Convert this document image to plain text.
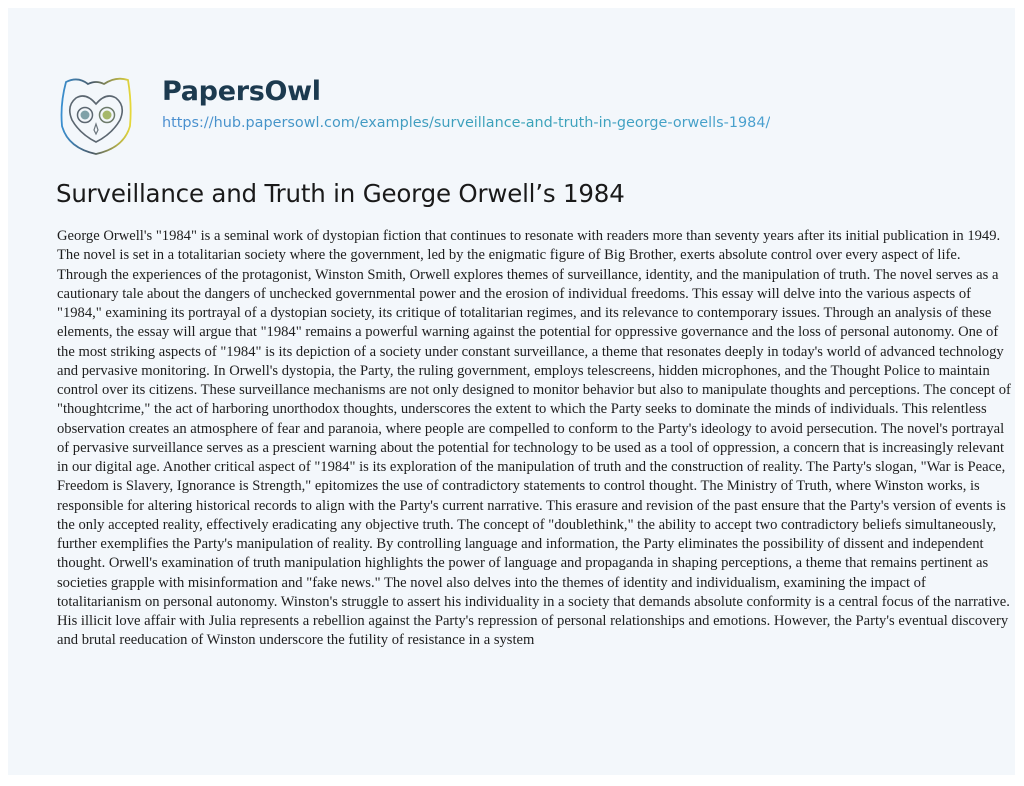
PapersOwl
https://hub.papersowl.com/examples/surveillance-and-truth-in-george-orwells-1984/
Surveillance and Truth in George Orwell’s 1984

George Orwell's "1984" is a seminal work of dystopian fiction that continues to resonate with readers more than seventy years after its initial publication in 1949. The novel is set in a totalitarian society where the government, led by the enigmatic figure of Big Brother, exerts absolute control over every aspect of life. Through the experiences of the protagonist, Winston Smith, Orwell explores themes of surveillance, identity, and the manipulation of truth. The novel serves as a cautionary tale about the dangers of unchecked governmental power and the erosion of individual freedoms. This essay will delve into the various aspects of "1984," examining its portrayal of a dystopian society, its critique of totalitarian regimes, and its relevance to contemporary issues. Through an analysis of these elements, the essay will argue that "1984" remains a powerful warning against the potential for oppressive governance and the loss of personal autonomy. One of the most striking aspects of "1984" is its depiction of a society under constant surveillance, a theme that resonates deeply in today's world of advanced technology and pervasive monitoring. In Orwell's dystopia, the Party, the ruling government, employs telescreens, hidden microphones, and the Thought Police to maintain control over its citizens. These surveillance mechanisms are not only designed to monitor behavior but also to manipulate thoughts and perceptions. The concept of "thoughtcrime," the act of harboring unorthodox thoughts, underscores the extent to which the Party seeks to dominate the minds of individuals. This relentless observation creates an atmosphere of fear and paranoia, where people are compelled to conform to the Party's ideology to avoid persecution. The novel's portrayal of pervasive surveillance serves as a prescient warning about the potential for technology to be used as a tool of oppression, a concern that is increasingly relevant in our digital age. Another critical aspect of "1984" is its exploration of the manipulation of truth and the construction of reality. The Party's slogan, "War is Peace, Freedom is Slavery, Ignorance is Strength," epitomizes the use of contradictory statements to control thought. The Ministry of Truth, where Winston works, is responsible for altering historical records to align with the Party's current narrative. This erasure and revision of the past ensure that the Party's version of events is the only accepted reality, effectively eradicating any objective truth. The concept of "doublethink," the ability to accept two contradictory beliefs simultaneously, further exemplifies the Party's manipulation of reality. By controlling language and information, the Party eliminates the possibility of dissent and independent thought. Orwell's examination of truth manipulation highlights the power of language and propaganda in shaping perceptions, a theme that remains pertinent as societies grapple with misinformation and "fake news." The novel also delves into the themes of identity and individualism, examining the impact of totalitarianism on personal autonomy. Winston's struggle to assert his individuality in a society that demands absolute conformity is a central focus of the narrative. His illicit love affair with Julia represents a rebellion against the Party's repression of personal relationships and emotions. However, the Party's eventual discovery and brutal reeducation of Winston underscore the futility of resistance in a system
